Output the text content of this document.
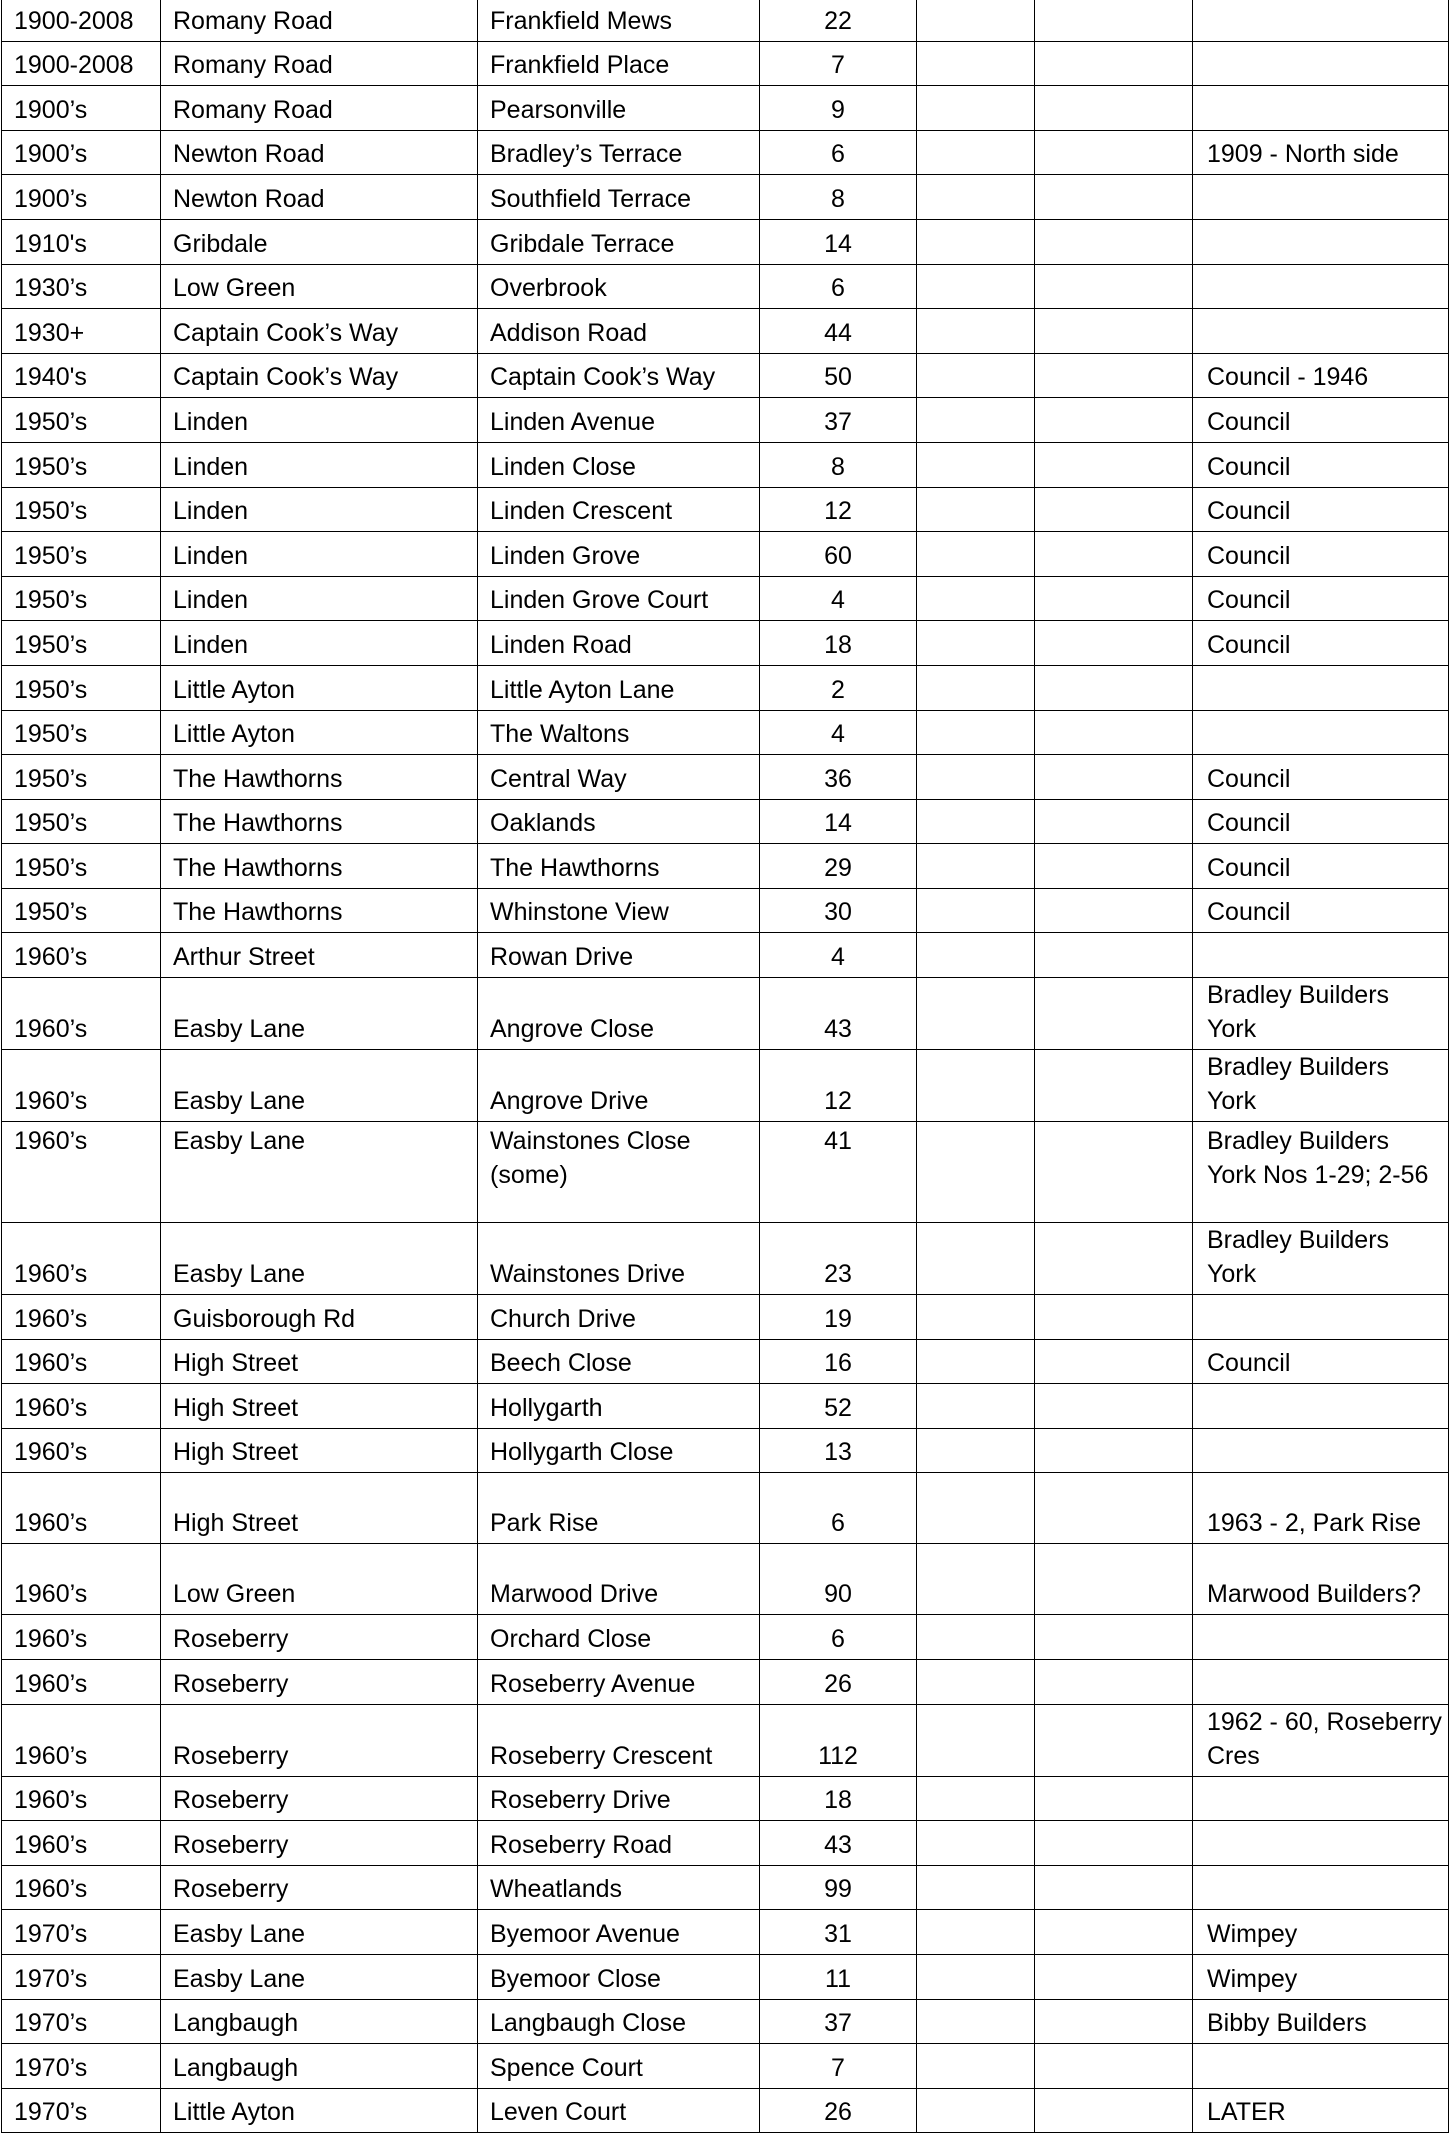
1900-2008	Romany Road	Frankfield Mews	22			
1900-2008	Romany Road	Frankfield Place	7			
1900’s	Romany Road	Pearsonville	9			
1900’s	Newton Road	Bradley’s Terrace	6			1909 - North side
1900’s	Newton Road	Southfield Terrace	8			
1910's	Gribdale	Gribdale Terrace	14			
1930’s	Low Green	Overbrook	6			
1930+	Captain Cook’s Way	Addison Road	44			
1940's	Captain Cook’s Way	Captain Cook’s Way	50			Council - 1946
1950’s	Linden	Linden Avenue	37			Council
1950’s	Linden	Linden Close	8			Council
1950’s	Linden	Linden Crescent	12			Council
1950’s	Linden	Linden Grove	60			Council
1950’s	Linden	Linden Grove Court	4			Council
1950’s	Linden	Linden Road	18			Council
1950’s	Little Ayton	Little Ayton Lane	2			
1950’s	Little Ayton	The Waltons	4			
1950’s	The Hawthorns	Central Way	36			Council
1950’s	The Hawthorns	Oaklands	14			Council
1950’s	The Hawthorns	The Hawthorns	29			Council
1950’s	The Hawthorns	Whinstone View	30			Council
1960’s	Arthur Street	Rowan Drive	4			
1960’s	Easby Lane	Angrove Close	43			Bradley Builders York
1960’s	Easby Lane	Angrove Drive	12			Bradley Builders York
1960’s	Easby Lane	Wainstones Close (some)	41			Bradley Builders York Nos 1-29; 2-56
1960’s	Easby Lane	Wainstones Drive	23			Bradley Builders York
1960’s	Guisborough Rd	Church Drive	19			
1960’s	High Street	Beech Close	16			Council
1960’s	High Street	Hollygarth	52			
1960’s	High Street	Hollygarth Close	13			
1960’s	High Street	Park Rise	6			1963 - 2, Park Rise
1960’s	Low Green	Marwood Drive	90			Marwood Builders?
1960’s	Roseberry	Orchard Close	6			
1960’s	Roseberry	Roseberry Avenue	26			
1960’s	Roseberry	Roseberry Crescent	112			1962 - 60, Roseberry Cres
1960’s	Roseberry	Roseberry Drive	18			
1960’s	Roseberry	Roseberry Road	43			
1960’s	Roseberry	Wheatlands	99			
1970’s	Easby Lane	Byemoor Avenue	31			Wimpey
1970’s	Easby Lane	Byemoor Close	11			Wimpey
1970’s	Langbaugh	Langbaugh Close	37			Bibby Builders
1970’s	Langbaugh	Spence Court	7			
1970’s	Little Ayton	Leven Court	26			LATER
